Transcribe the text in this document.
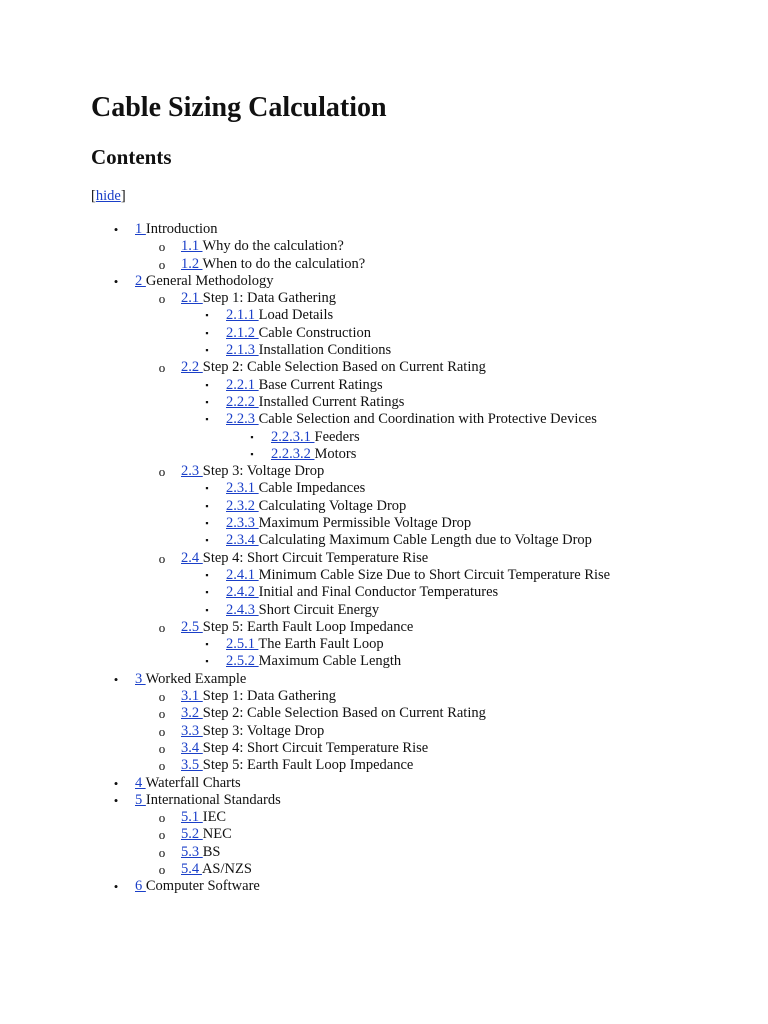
Cable Sizing Calculation
Contents
[hide]
•	1 Introduction
o 1.1 Why do the calculation?
o 1.2 When to do the calculation?
•	2 General Methodology
o 2.1 Step 1: Data Gathering
▪	2.1.1 Load Details
▪	2.1.2 Cable Construction
▪	2.1.3 Installation Conditions
o 2.2 Step 2: Cable Selection Based on Current Rating
▪	2.2.1 Base Current Ratings
▪	2.2.2 Installed Current Ratings
▪	2.2.3 Cable Selection and Coordination with Protective Devices
▪	2.2.3.1 Feeders
▪	2.2.3.2 Motors
o 2.3 Step 3: Voltage Drop
▪	2.3.1 Cable Impedances
▪	2.3.2 Calculating Voltage Drop
▪	2.3.3 Maximum Permissible Voltage Drop
▪	2.3.4 Calculating Maximum Cable Length due to Voltage Drop
o 2.4 Step 4: Short Circuit Temperature Rise
▪	2.4.1 Minimum Cable Size Due to Short Circuit Temperature Rise
▪	2.4.2 Initial and Final Conductor Temperatures
▪	2.4.3 Short Circuit Energy
o 2.5 Step 5: Earth Fault Loop Impedance
▪	2.5.1 The Earth Fault Loop
▪	2.5.2 Maximum Cable Length
•	3 Worked Example
o 3.1 Step 1: Data Gathering
o 3.2 Step 2: Cable Selection Based on Current Rating
o 3.3 Step 3: Voltage Drop
o 3.4 Step 4: Short Circuit Temperature Rise
o 3.5 Step 5: Earth Fault Loop Impedance
•	4 Waterfall Charts
•	5 International Standards
o 5.1 IEC
o 5.2 NEC
o 5.3 BS
o 5.4 AS/NZS
•	6 Computer Software
